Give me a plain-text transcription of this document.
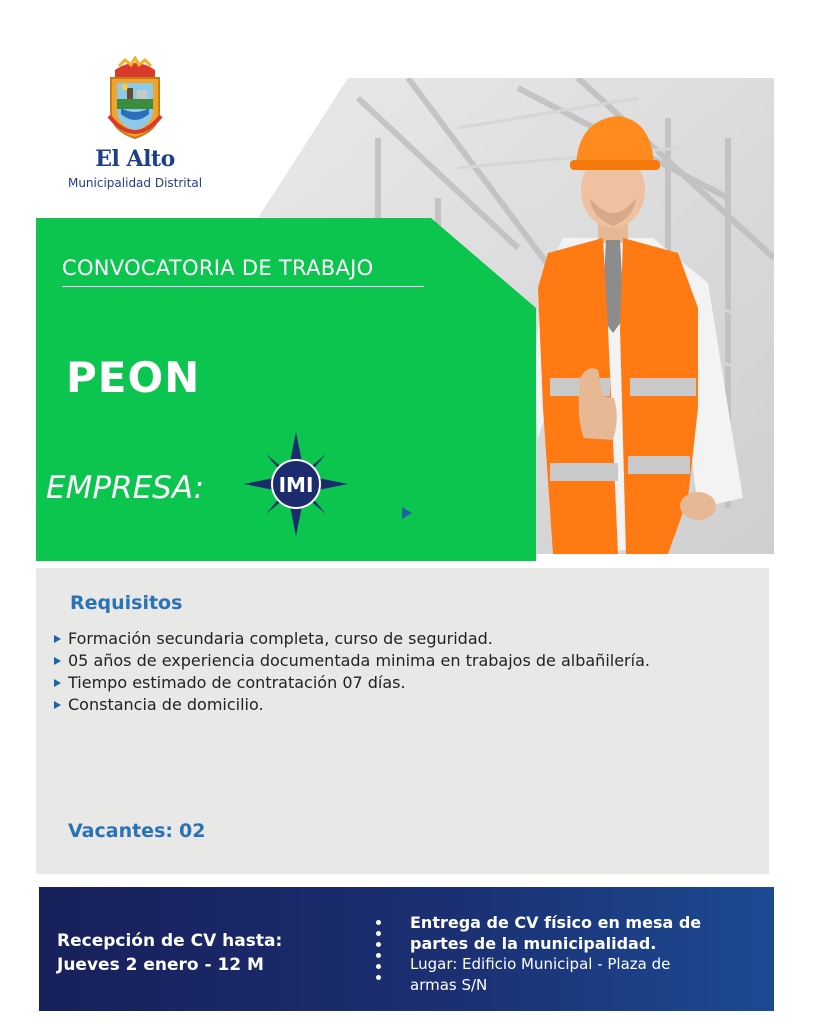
El Alto
Municipalidad Distrital
CONVOCATORIA DE TRABAJO
PEON
EMPRESA:	IMI
Requisitos
Formación secundaria completa, curso de seguridad.
05 años de experiencia documentada minima en trabajos de albañilería.
Tiempo estimado de contratación 07 días.
Constancia de domicilio.
Vacantes: 02
Recepción de CV hasta:
Jueves 2 enero - 12 M
Entrega de CV físico en mesa de
partes de la municipalidad.
Lugar: Edificio Municipal - Plaza de
armas S/N
